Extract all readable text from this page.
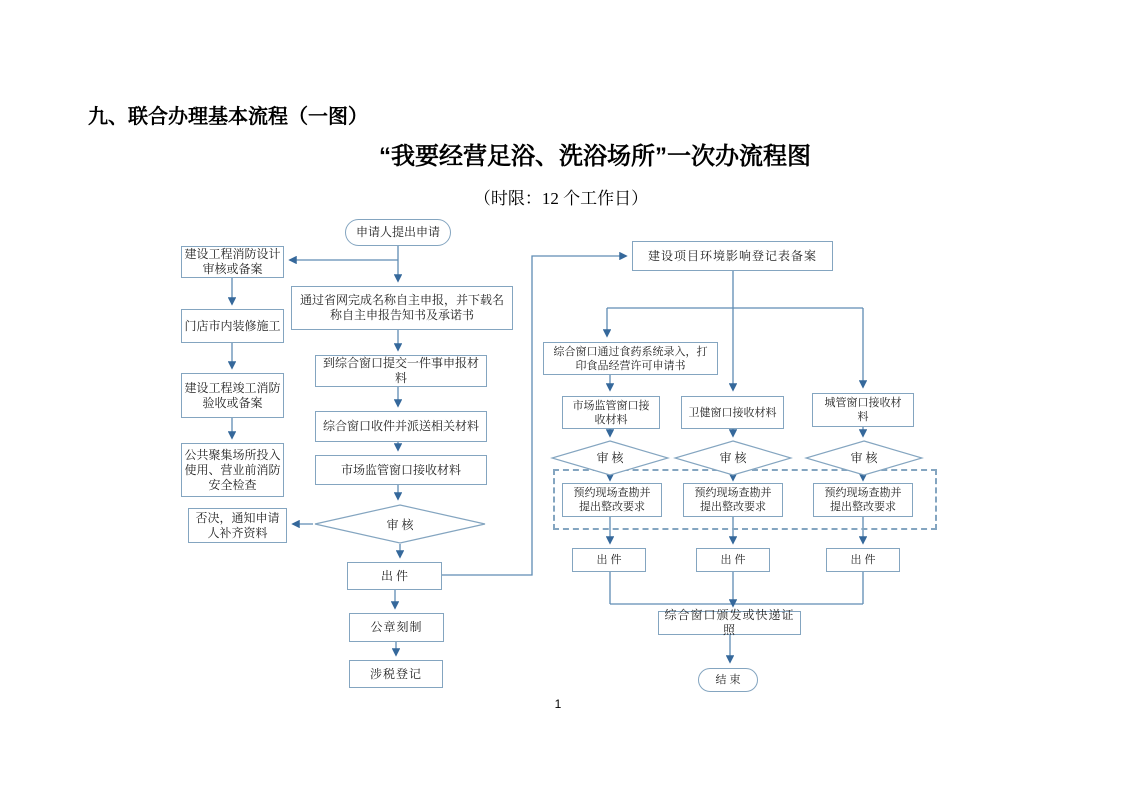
九、联合办理基本流程（一图）
“我要经营足浴、洗浴场所”一次办流程图
（时限：12 个工作日）
1
申请人提出申请
建设工程消防设计审核或备案
门店市内装修施工
建设工程竣工消防验收或备案
公共聚集场所投入使用、营业前消防安全检查
否决，通知申请人补齐资料
通过省网完成名称自主申报，并下载名称自主申报告知书及承诺书
到综合窗口提交一件事申报材料
综合窗口收件并派送相关材料
市场监管窗口接收材料
审核
出件
公章刻制
涉税登记
建设项目环境影响登记表备案
综合窗口通过食药系统录入，打印食品经营许可申请书
市场监管窗口接收材料
卫健窗口接收材料
城管窗口接收材料
审核	审核	审核
预约现场查勘并提出整改要求
预约现场查勘并提出整改要求
预约现场查勘并提出整改要求
出件	出件	出件
综合窗口颁发或快递证照
结束
